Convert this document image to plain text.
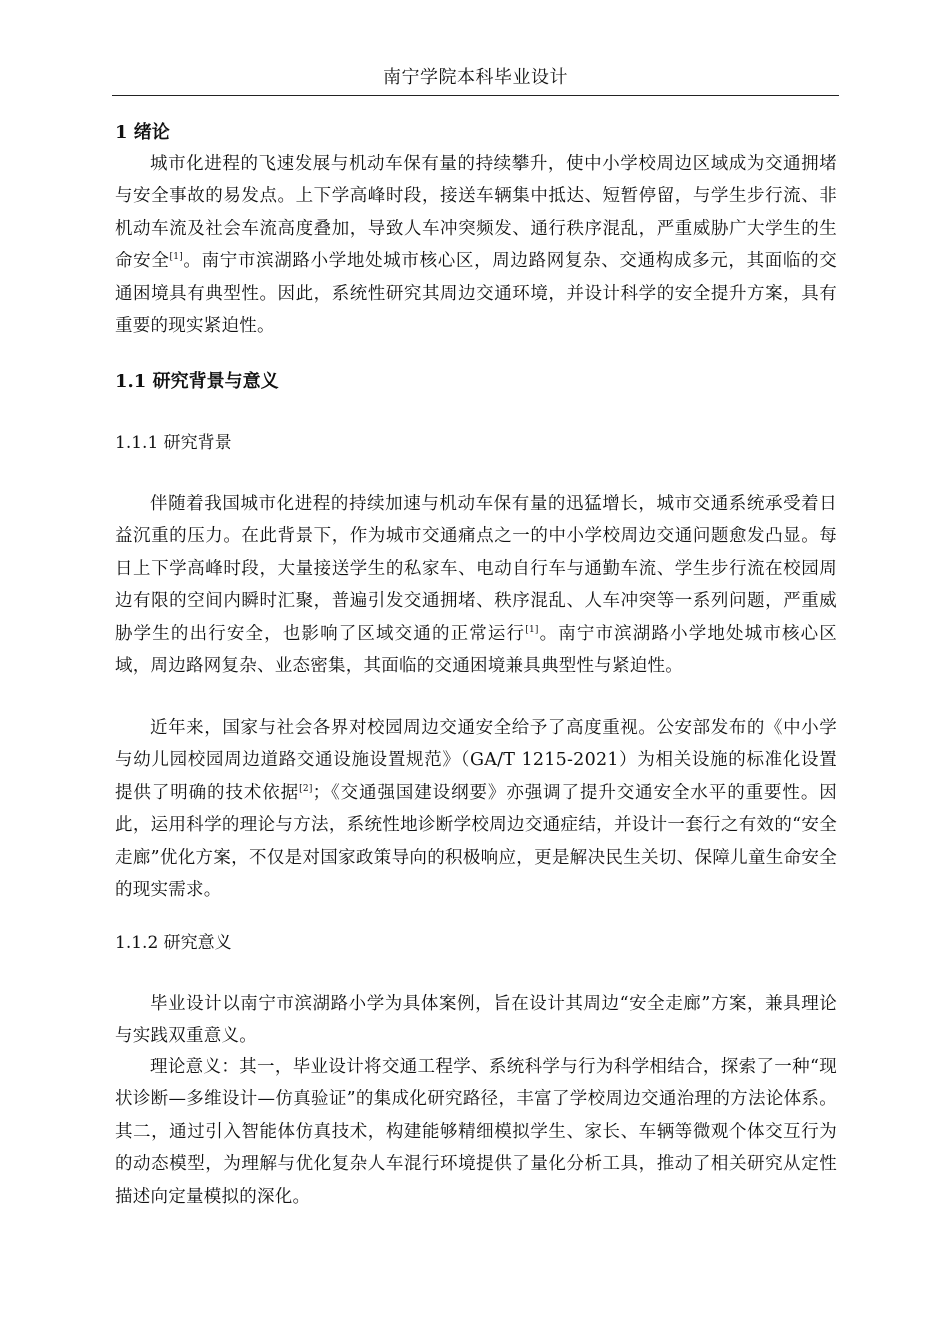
南宁学院本科毕业设计
1 绪论

城市化进程的飞速发展与机动车保有量的持续攀升，使中小学校周边区域成为交通拥堵与安全事故的易发点。上下学高峰时段，接送车辆集中抵达、短暂停留，与学生步行流、非机动车流及社会车流高度叠加，导致人车冲突频发、通行秩序混乱，严重威胁广大学生的生命安全[1]。南宁市滨湖路小学地处城市核心区，周边路网复杂、交通构成多元，其面临的交通困境具有典型性。因此，系统性研究其周边交通环境，并设计科学的安全提升方案，具有重要的现实紧迫性。

1.1 研究背景与意义
1.1.1 研究背景

伴随着我国城市化进程的持续加速与机动车保有量的迅猛增长，城市交通系统承受着日益沉重的压力。在此背景下，作为城市交通痛点之一的中小学校周边交通问题愈发凸显。每日上下学高峰时段，大量接送学生的私家车、电动自行车与通勤车流、学生步行流在校园周边有限的空间内瞬时汇聚，普遍引发交通拥堵、秩序混乱、人车冲突等一系列问题，严重威胁学生的出行安全，也影响了区域交通的正常运行[1]。南宁市滨湖路小学地处城市核心区域，周边路网复杂、业态密集，其面临的交通困境兼具典型性与紧迫性。

近年来，国家与社会各界对校园周边交通安全给予了高度重视。公安部发布的《中小学与幼儿园校园周边道路交通设施设置规范》（GA/T 1215-2021）为相关设施的标准化设置提供了明确的技术依据[2]；《交通强国建设纲要》亦强调了提升交通安全水平的重要性。因此，运用科学的理论与方法，系统性地诊断学校周边交通症结，并设计一套行之有效的“安全走廊”优化方案，不仅是对国家政策导向的积极响应，更是解决民生关切、保障儿童生命安全的现实需求。

1.1.2 研究意义

毕业设计以南宁市滨湖路小学为具体案例，旨在设计其周边“安全走廊”方案，兼具理论与实践双重意义。

理论意义：其一，毕业设计将交通工程学、系统科学与行为科学相结合，探索了一种“现状诊断—多维设计—仿真验证”的集成化研究路径，丰富了学校周边交通治理的方法论体系。其二，通过引入智能体仿真技术，构建能够精细模拟学生、家长、车辆等微观个体交互行为的动态模型，为理解与优化复杂人车混行环境提供了量化分析工具，推动了相关研究从定性描述向定量模拟的深化。
